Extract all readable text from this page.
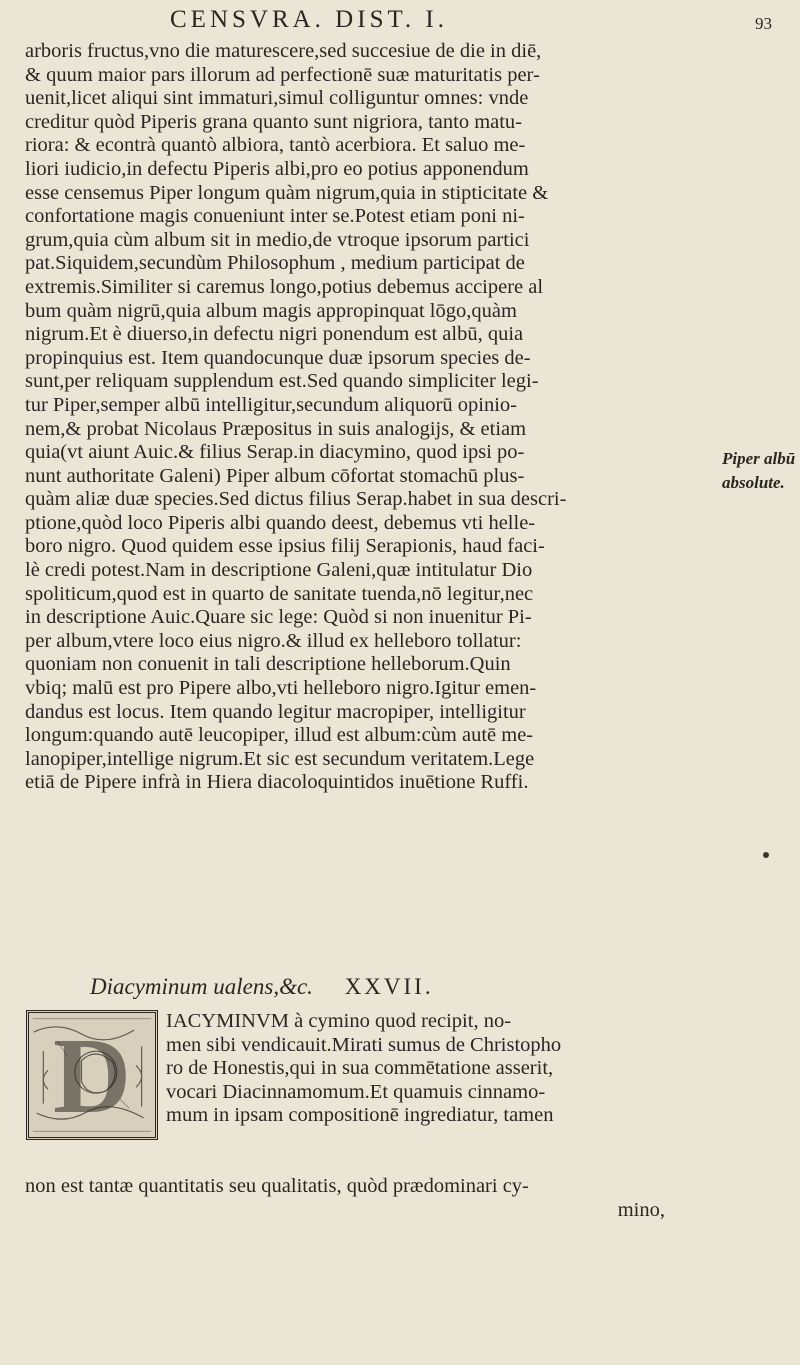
CENSVRA. DIST. I.	93
arboris fructus,vno die maturescere,sed succesiue de die in diē,
& quum maior pars illorum ad perfectionē suæ maturitatis per-
uenit,licet aliqui sint immaturi,simul colliguntur omnes: vnde
creditur quòd Piperis grana quanto sunt nigriora, tanto matu-
riora: & econtrà quantò albiora, tantò acerbiora. Et saluo me-
liori iudicio,in defectu Piperis albi,pro eo potius apponendum
esse censemus Piper longum quàm nigrum,quia in stipticitate &
confortatione magis conueniunt inter se.Potest etiam poni ni-
grum,quia cùm album sit in medio,de vtroque ipsorum partici
pat.Siquidem,secundùm Philosophum , medium participat de
extremis.Similiter si caremus longo,potius debemus accipere al
bum quàm nigrū,quia album magis appropinquat lōgo,quàm
nigrum.Et è diuerso,in defectu nigri ponendum est albū, quia
propinquius est. Item quandocunque duæ ipsorum species de-
sunt,per reliquam supplendum est.Sed quando simpliciter legi-
tur Piper,semper albū intelligitur,secundum aliquorū opinio-
nem,& probat Nicolaus Præpositus in suis analogijs, & etiam
quia(vt aiunt Auic.& filius Serap.in diacymino, quod ipsi po-
nunt authoritate Galeni) Piper album cōfortat stomachū plus-
quàm aliæ duæ species.Sed dictus filius Serap.habet in sua descri-
ptione,quòd loco Piperis albi quando deest, debemus vti helle-
boro nigro. Quod quidem esse ipsius filij Serapionis, haud faci-
lè credi potest.Nam in descriptione Galeni,quæ intitulatur Dio
spoliticum,quod est in quarto de sanitate tuenda,nō legitur,nec
in descriptione Auic.Quare sic lege: Quòd si non inuenitur Pi-
per album,vtere loco eius nigro.& illud ex helleboro tollatur:
quoniam non conuenit in tali descriptione helleborum.Quin
vbiq; malū est pro Pipere albo,vti helleboro nigro.Igitur emen-
dandus est locus. Item quando legitur macropiper, intelligitur
longum:quando autē leucopiper, illud est album:cùm autē me-
lanopiper,intellige nigrum.Et sic est secundum veritatem.Lege
etiā de Pipere infrà in Hiera diacoloquintidos inuētione Ruffi.
Piper albū
absolute.
Diacyminum ualens,&c. XXVII.
D	IACYMINVM à cymino quod recipit, no-
men sibi vendicauit.Mirati sumus de Christopho
ro de Honestis,qui in sua commētatione asserit,
vocari Diacinnamomum.Et quamuis cinnamo-
mum in ipsam compositionē ingrediatur, tamen
non est tantæ quantitatis seu qualitatis, quòd prædominari cy-
mino,
